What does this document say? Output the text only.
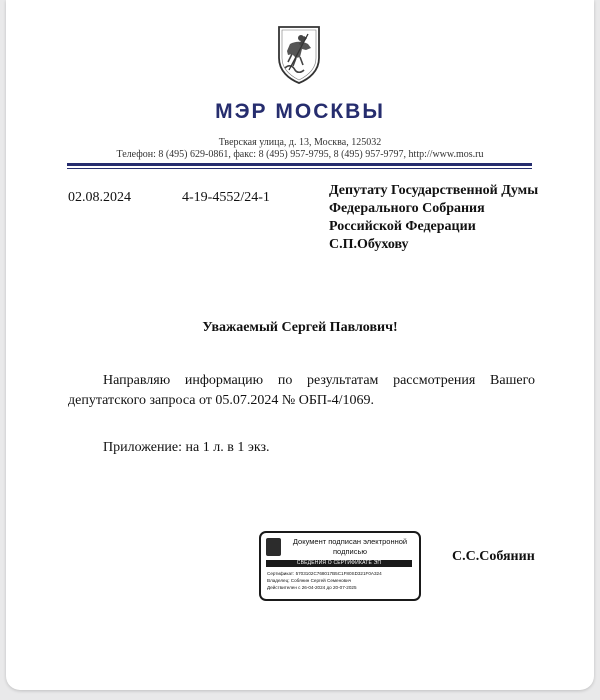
МЭР МОСКВЫ
Тверская улица, д. 13, Москва, 125032
Телефон: 8 (495) 629-0861, факс: 8 (495) 957-9795, 8 (495) 957-9797, http://www.mos.ru
02.08.2024	4-19-4552/24-1	Депутату Государственной Думы
Федерального Собрания
Российской Федерации
С.П.Обухову
Уважаемый Сергей Павлович!
Направляю информацию по результатам рассмотрения Вашего депутатского запроса от 05.07.2024 № ОБП-4/1069.
Приложение: на 1 л. в 1 экз.
Документ подписан электронной подписью
СВЕДЕНИЯ О СЕРТИФИКАТЕ ЭП
Сертификат: 5703102C768017B5C1F80SD321F0A324
Владелец: Собянин Сергей Семенович
Действителен с 26-04-2024 до 20-07-2025
С.С.Собянин
